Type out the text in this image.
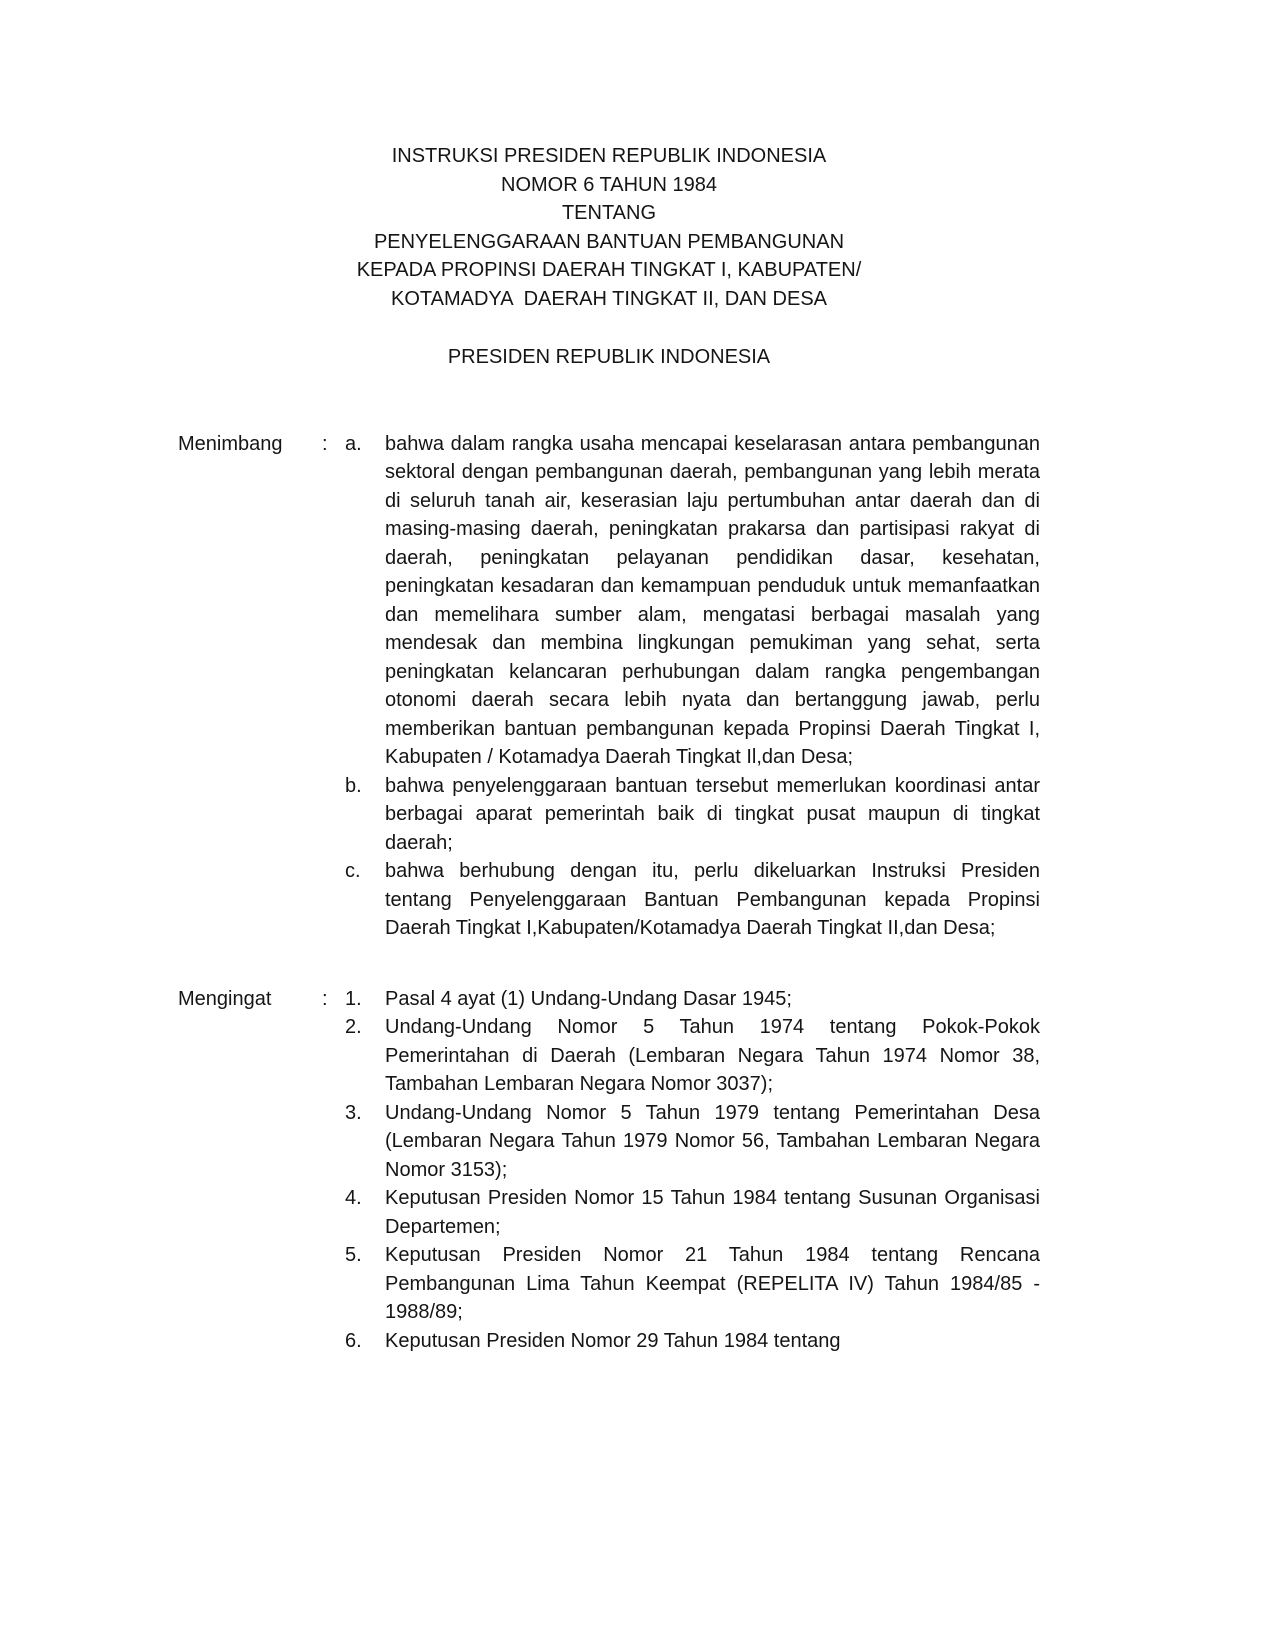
INSTRUKSI PRESIDEN REPUBLIK INDONESIA
NOMOR 6 TAHUN 1984
TENTANG
PENYELENGGARAAN BANTUAN PEMBANGUNAN
KEPADA PROPINSI DAERAH TINGKAT I, KABUPATEN/
KOTAMADYA  DAERAH TINGKAT II, DAN DESA
PRESIDEN REPUBLIK INDONESIA
Menimbang	: a.	bahwa dalam rangka usaha mencapai keselarasan antara pembangunan sektoral dengan pembangunan daerah, pembangunan yang lebih merata di seluruh tanah air, keserasian laju pertumbuhan antar daerah dan di masing-masing daerah, peningkatan prakarsa dan partisipasi rakyat di daerah, peningkatan pelayanan pendidikan dasar, kesehatan, peningkatan kesadaran dan kemampuan penduduk untuk memanfaatkan dan memelihara sumber alam, mengatasi berbagai masalah yang mendesak dan membina lingkungan pemukiman yang sehat, serta peningkatan kelancaran perhubungan dalam rangka pengembangan otonomi daerah secara lebih nyata dan bertanggung jawab, perlu memberikan bantuan pembangunan kepada Propinsi Daerah Tingkat I, Kabupaten / Kotamadya Daerah Tingkat Il,dan Desa;
b.	bahwa penyelenggaraan bantuan tersebut memerlukan koordinasi antar berbagai aparat pemerintah baik di tingkat pusat maupun di tingkat daerah;
c.	bahwa berhubung dengan itu, perlu dikeluarkan Instruksi Presiden tentang Penyelenggaraan Bantuan Pembangunan kepada Propinsi Daerah Tingkat I,Kabupaten/Kotamadya Daerah Tingkat II,dan Desa;
Mengingat	: 1.	Pasal 4 ayat (1) Undang-Undang Dasar 1945;
2.	Undang-Undang Nomor 5 Tahun 1974 tentang Pokok-Pokok Pemerintahan di Daerah (Lembaran Negara Tahun 1974 Nomor 38, Tambahan Lembaran Negara Nomor 3037);
3.	Undang-Undang Nomor 5 Tahun 1979 tentang Pemerintahan Desa (Lembaran Negara Tahun 1979 Nomor 56, Tambahan Lembaran Negara Nomor 3153);
4.	Keputusan Presiden Nomor 15 Tahun 1984 tentang Susunan Organisasi Departemen;
5.	Keputusan Presiden Nomor 21 Tahun 1984 tentang Rencana Pembangunan Lima Tahun Keempat (REPELITA IV) Tahun 1984/85 - 1988/89;
6.	Keputusan Presiden Nomor 29 Tahun 1984 tentang
